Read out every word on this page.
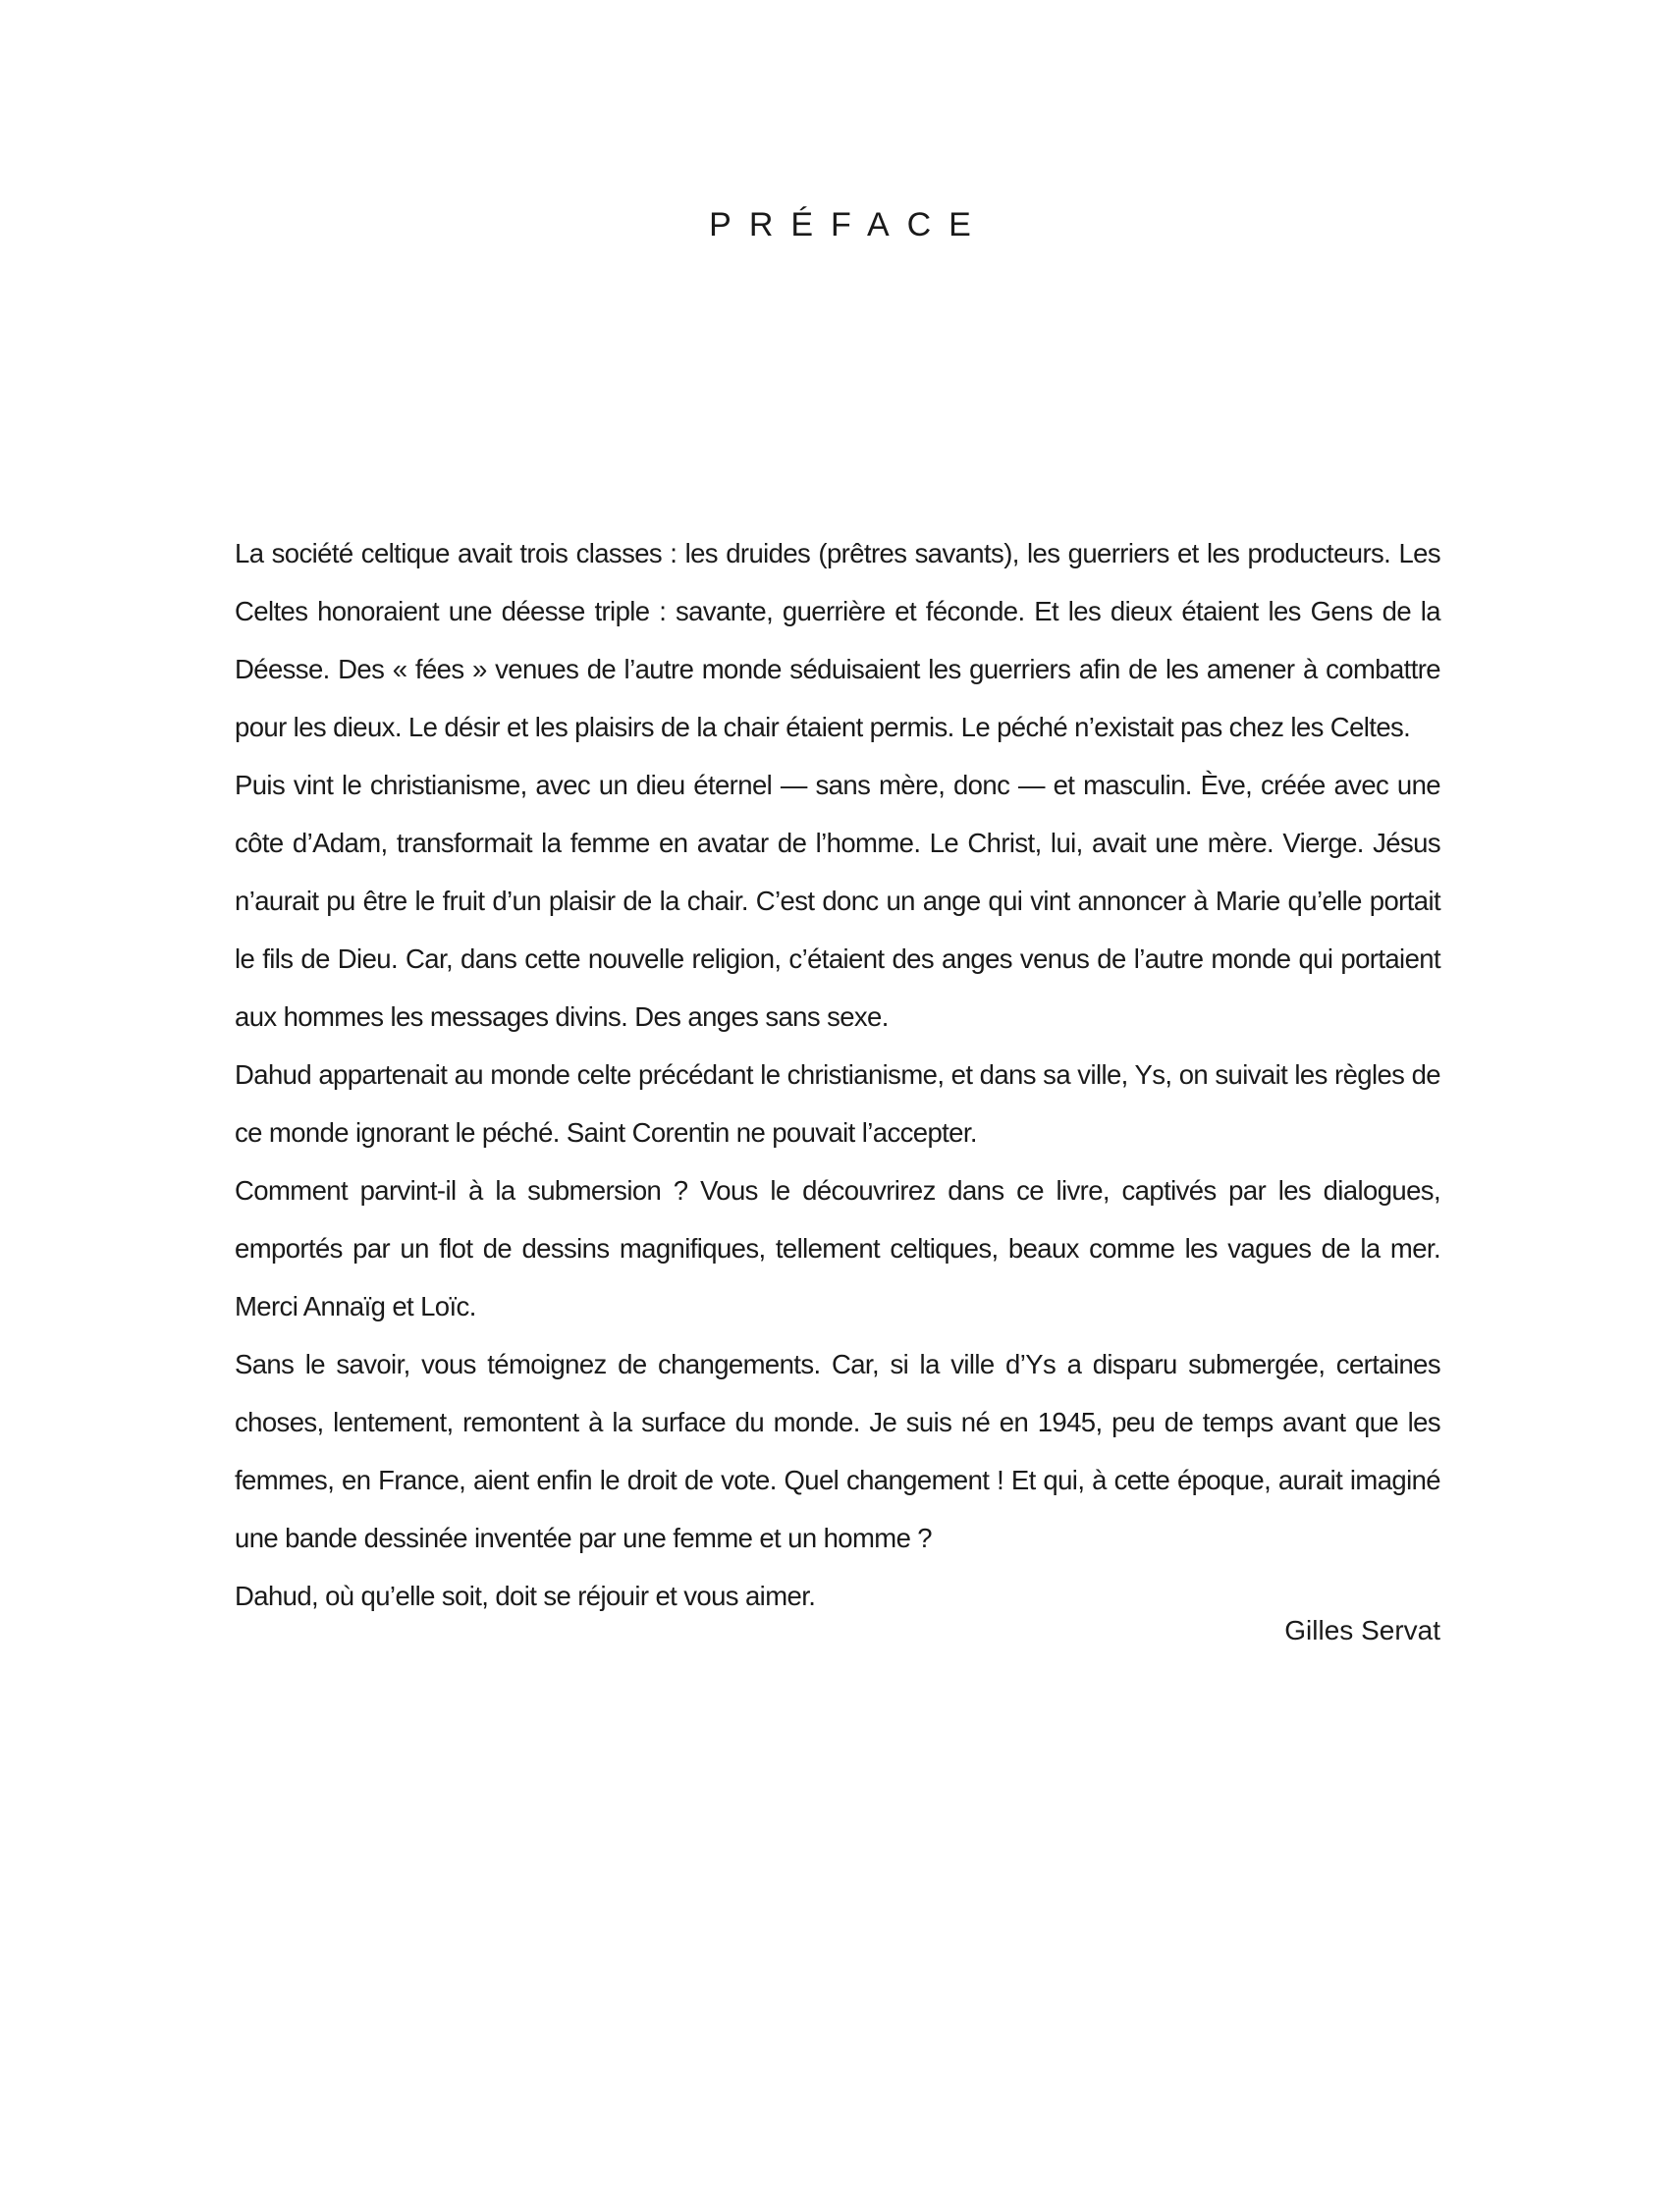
PRÉFACE

La société celtique avait trois classes : les druides (prêtres savants), les guerriers et les producteurs. Les Celtes honoraient une déesse triple : savante, guerrière et féconde. Et les dieux étaient les Gens de la Déesse. Des « fées » venues de l’autre monde séduisaient les guerriers afin de les amener à combattre pour les dieux. Le désir et les plaisirs de la chair étaient permis. Le péché n’existait pas chez les Celtes.

Puis vint le christianisme, avec un dieu éternel — sans mère, donc — et masculin. Ève, créée avec une côte d’Adam, transformait la femme en avatar de l’homme. Le Christ, lui, avait une mère. Vierge. Jésus n’aurait pu être le fruit d’un plaisir de la chair. C’est donc un ange qui vint annoncer à Marie qu’elle portait le fils de Dieu. Car, dans cette nouvelle religion, c’étaient des anges venus de l’autre monde qui portaient aux hommes les messages divins. Des anges sans sexe.

Dahud appartenait au monde celte précédant le christianisme, et dans sa ville, Ys, on suivait les règles de ce monde ignorant le péché. Saint Corentin ne pouvait l’accepter.

Comment parvint-il à la submersion ? Vous le découvrirez dans ce livre, captivés par les dialogues, emportés par un flot de dessins magnifiques, tellement celtiques, beaux comme les vagues de la mer. Merci Annaïg et Loïc.

Sans le savoir, vous témoignez de changements. Car, si la ville d’Ys a disparu submergée, certaines choses, lentement, remontent à la surface du monde. Je suis né en 1945, peu de temps avant que les femmes, en France, aient enfin le droit de vote. Quel changement ! Et qui, à cette époque, aurait imaginé une bande dessinée inventée par une femme et un homme ?

Dahud, où qu’elle soit, doit se réjouir et vous aimer.

Gilles Servat
